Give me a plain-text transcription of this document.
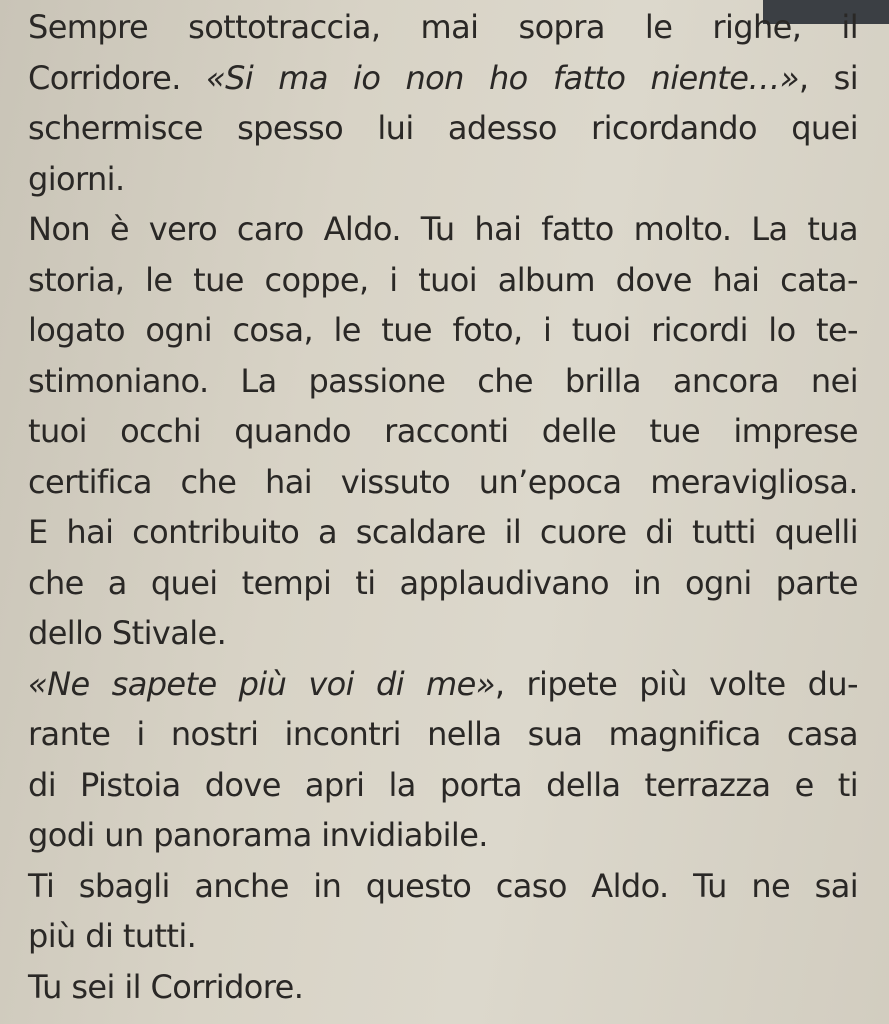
Sempre sottotraccia, mai sopra le righe, il
Corridore. «Si ma io non ho fatto niente…», si
schermisce spesso lui adesso ricordando quei
giorni.
Non è vero caro Aldo. Tu hai fatto molto. La tua
storia, le tue coppe, i tuoi album dove hai cata-
logato ogni cosa, le tue foto, i tuoi ricordi lo te-
stimoniano. La passione che brilla ancora nei
tuoi occhi quando racconti delle tue imprese
certifica che hai vissuto un’epoca meravigliosa.
E hai contribuito a scaldare il cuore di tutti quelli
che a quei tempi ti applaudivano in ogni parte
dello Stivale.
«Ne sapete più voi di me», ripete più volte du-
rante i nostri incontri nella sua magnifica casa
di Pistoia dove apri la porta della terrazza e ti
godi un panorama invidiabile.
Ti sbagli anche in questo caso Aldo. Tu ne sai
più di tutti.
Tu sei il Corridore.
